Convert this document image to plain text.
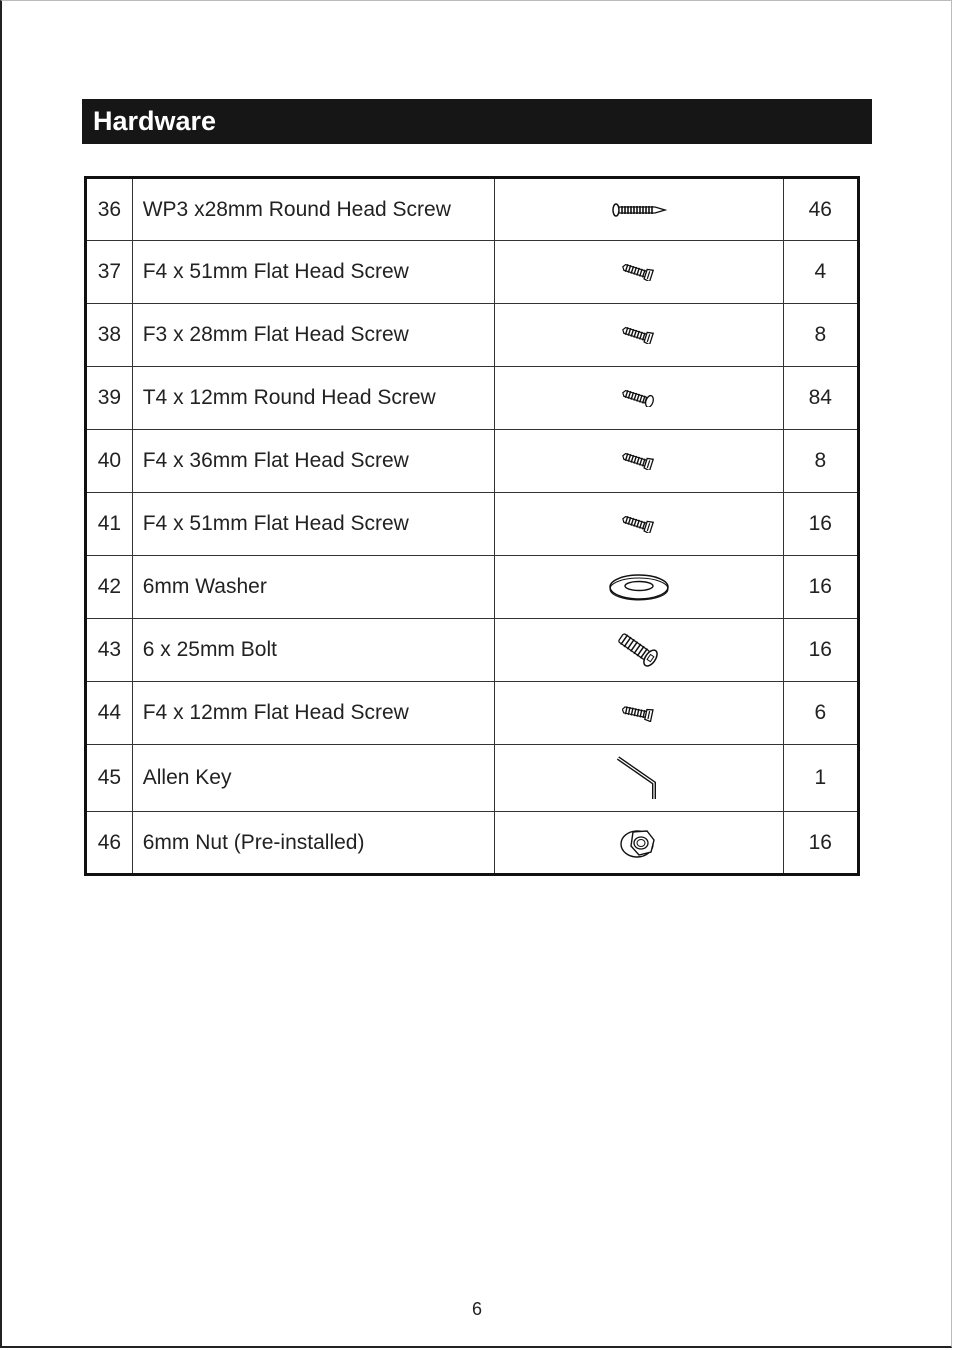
Hardware
36	WP3 x28mm Round Head Screw		46
37	F4 x 51mm Flat Head Screw		4
38	F3 x 28mm Flat Head Screw		8
39	T4 x 12mm Round Head Screw		84
40	F4 x 36mm Flat Head Screw		8
41	F4 x 51mm Flat Head Screw		16
42	6mm Washer		16
43	6 x 25mm Bolt		16
44	F4 x 12mm Flat Head Screw		6
45	Allen Key		1
46	6mm Nut (Pre-installed)		16
6
